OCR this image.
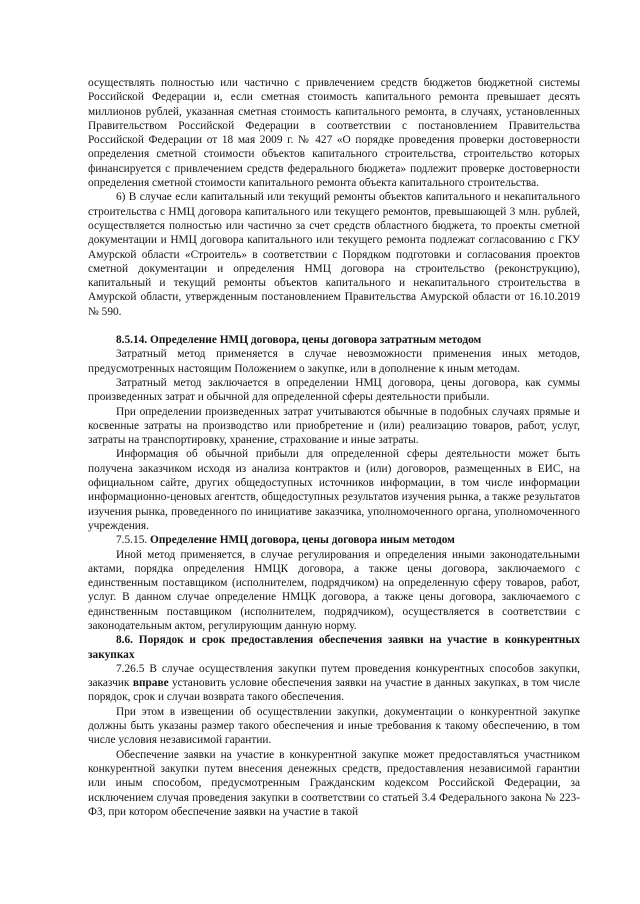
осуществлять полностью или частично с привлечением средств бюджетов бюджетной системы Российской Федерации и, если сметная стоимость капитального ремонта превышает десять миллионов рублей, указанная сметная стоимость капитального ремонта, в случаях, установленных Правительством Российской Федерации в соответствии с постановлением Правительства Российской Федерации от 18 мая 2009 г. № 427 «О порядке проведения проверки достоверности определения сметной стоимости объектов капитального строительства, строительство которых финансируется с привлечением средств федерального бюджета» подлежит проверке достоверности определения сметной стоимости капитального ремонта объекта капитального строительства.

6) В случае если капитальный или текущий ремонты объектов капитального и некапитального строительства с НМЦ договора капитального или текущего ремонтов, превышающей 3 млн. рублей, осуществляется полностью или частично за счет средств областного бюджета, то проекты сметной документации и НМЦ договора капитального или текущего ремонта подлежат согласованию с ГКУ Амурской области «Строитель» в соответствии с Порядком подготовки и согласования проектов сметной документации и определения НМЦ договора на строительство (реконструкцию), капитальный и текущий ремонты объектов капитального и некапитального строительства в Амурской области, утвержденным постановлением Правительства Амурской области от 16.10.2019 № 590.

8.5.14. Определение НМЦ договора, цены договора затратным методом

Затратный метод применяется в случае невозможности применения иных методов, предусмотренных настоящим Положением о закупке, или в дополнение к иным методам.

Затратный метод заключается в определении НМЦ договора, цены договора, как суммы произведенных затрат и обычной для определенной сферы деятельности прибыли.

При определении произведенных затрат учитываются обычные в подобных случаях прямые и косвенные затраты на производство или приобретение и (или) реализацию товаров, работ, услуг, затраты на транспортировку, хранение, страхование и иные затраты.

Информация об обычной прибыли для определенной сферы деятельности может быть получена заказчиком исходя из анализа контрактов и (или) договоров, размещенных в ЕИС, на официальном сайте, других общедоступных источников информации, в том числе информации информационно-ценовых агентств, общедоступных результатов изучения рынка, а также результатов изучения рынка, проведенного по инициативе заказчика, уполномоченного органа, уполномоченного учреждения.

7.5.15. Определение НМЦ договора, цены договора иным методом

Иной метод применяется, в случае регулирования и определения иными законодательными актами, порядка определения НМЦК договора, а также цены договора, заключаемого с единственным поставщиком (исполнителем, подрядчиком) на определенную сферу товаров, работ, услуг. В данном случае определение НМЦК договора, а также цены договора, заключаемого с единственным поставщиком (исполнителем, подрядчиком), осуществляется в соответствии с законодательным актом, регулирующим данную норму.

8.6. Порядок и срок предоставления обеспечения заявки на участие в конкурентных закупках

7.26.5 В случае осуществления закупки путем проведения конкурентных способов закупки, заказчик вправе установить условие обеспечения заявки на участие в данных закупках, в том числе порядок, срок и случаи возврата такого обеспечения.

При этом в извещении об осуществлении закупки, документации о конкурентной закупке должны быть указаны размер такого обеспечения и иные требования к такому обеспечению, в том числе условия независимой гарантии.

Обеспечение заявки на участие в конкурентной закупке может предоставляться участником конкурентной закупки путем внесения денежных средств, предоставления независимой гарантии или иным способом, предусмотренным Гражданским кодексом Российской Федерации, за исключением случая проведения закупки в соответствии со статьей 3.4 Федерального закона № 223-ФЗ, при котором обеспечение заявки на участие в такой
